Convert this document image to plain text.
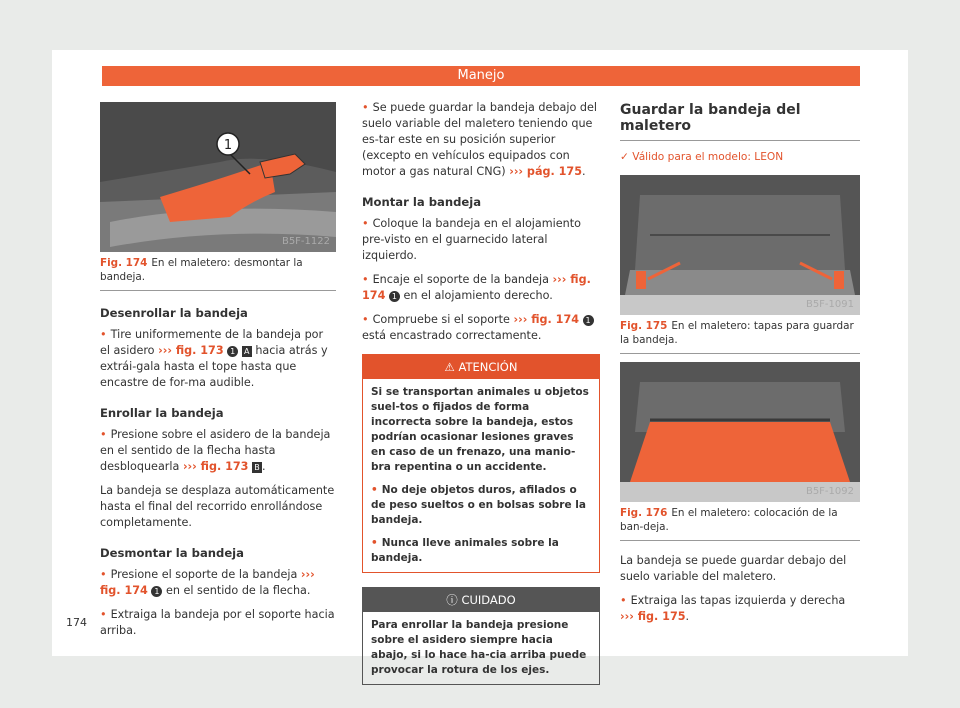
Manejo
1
B5F-1122
Fig. 174 En el maletero: desmontar la bandeja.
Desenrollar la bandeja

• Tire uniformemente de la bandeja por el asidero ››› fig. 173 1 A hacia atrás y extrái-gala hasta el tope hasta que encastre de for-ma audible.

Enrollar la bandeja

• Presione sobre el asidero de la bandeja en el sentido de la flecha hasta desbloquearla ››› fig. 173 B .

La bandeja se desplaza automáticamente hasta el final del recorrido enrollándose completamente.

Desmontar la bandeja

• Presione el soporte de la bandeja ››› fig. 174 1 en el sentido de la flecha.

• Extraiga la bandeja por el soporte hacia arriba.

• Se puede guardar la bandeja debajo del suelo variable del maletero teniendo que es-tar este en su posición superior (excepto en vehículos equipados con motor a gas natural CNG) ››› pág. 175.

Montar la bandeja

• Coloque la bandeja en el alojamiento pre-visto en el guarnecido lateral izquierdo.

• Encaje el soporte de la bandeja ››› fig. 174 1 en el alojamiento derecho.

• Compruebe si el soporte ››› fig. 174 1 está encastrado correctamente.

⚠ ATENCIÓN

Si se transportan animales u objetos suel-tos o fijados de forma incorrecta sobre la bandeja, estos podrían ocasionar lesiones graves en caso de un frenazo, una manio-bra repentina o un accidente.

• No deje objetos duros, afilados o de peso sueltos o en bolsas sobre la bandeja.

• Nunca lleve animales sobre la bandeja.

ⓘ CUIDADO

Para enrollar la bandeja presione sobre el asidero siempre hacia abajo, si lo hace ha-cia arriba puede provocar la rotura de los ejes.

Guardar la bandeja del maletero
✓ Válido para el modelo: LEON
B5F-1091
Fig. 175 En el maletero: tapas para guardar la bandeja.
B5F-1092
Fig. 176 En el maletero: colocación de la ban-deja.

La bandeja se puede guardar debajo del suelo variable del maletero.

• Extraiga las tapas izquierda y derecha ››› fig. 175.

174
